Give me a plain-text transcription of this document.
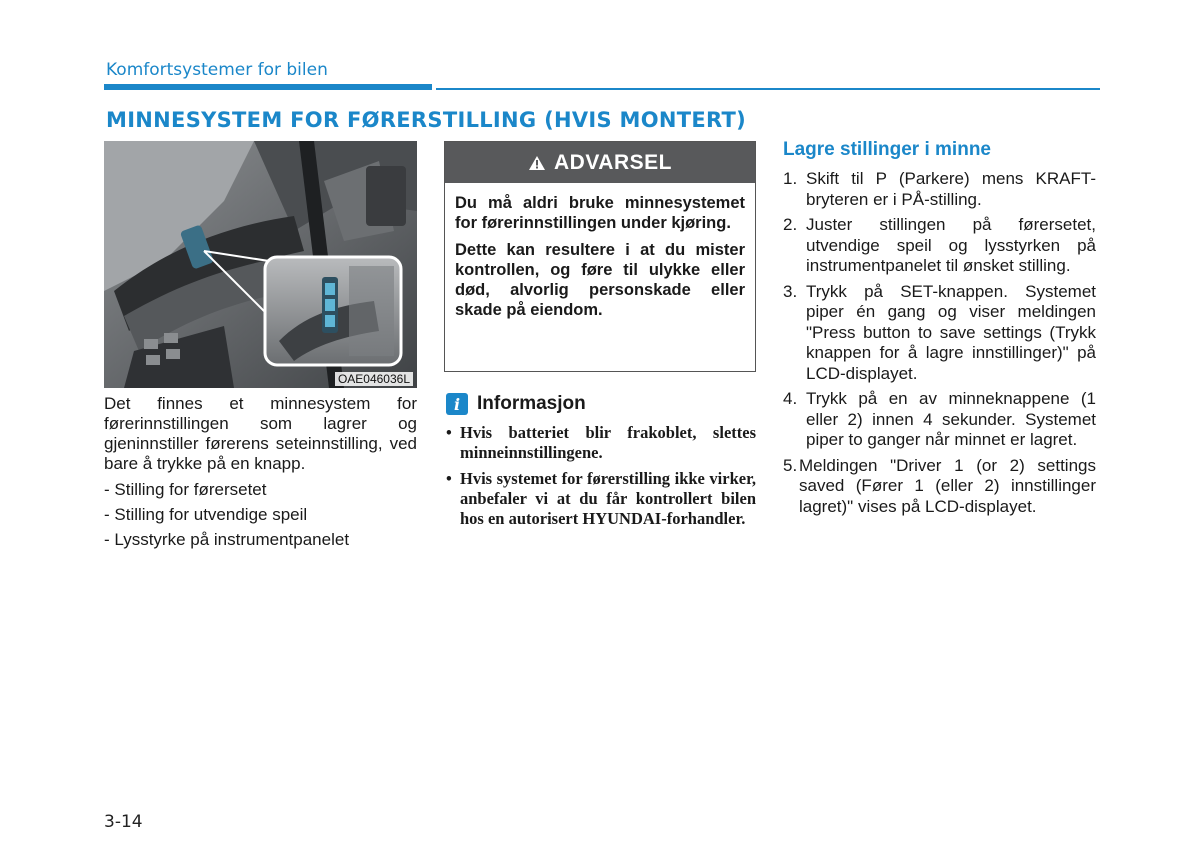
Komfortsystemer for bilen
MINNESYSTEM FOR FØRERSTILLING (HVIS MONTERT)
OAE046036L

Det finnes et minnesystem for førerinnstillingen som lagrer og gjeninnstiller førerens seteinnstilling, ved bare å trykke på en knapp.

- Stilling for førersetet
- Stilling for utvendige speil
- Lysstyrke på instrumentpanelet
ADVARSEL

Du må aldri bruke minnesystemet for førerinnstillingen under kjøring.

Dette kan resultere i at du mister kontrollen, og føre til ulykke eller død, alvorlig personskade eller skade på eiendom.

i Informasjon
• Hvis batteriet blir frakoblet, slettes minneinnstillingene.
• Hvis systemet for førerstilling ikke virker, anbefaler vi at du får kontrollert bilen hos en autorisert HYUNDAI-forhandler.
Lagre stillinger i minne
1. Skift til P (Parkere) mens KRAFT-bryteren er i PÅ-stilling.
2. Juster stillingen på førersetet, utvendige speil og lysstyrken på instrumentpanelet til ønsket stilling.
3. Trykk på SET-knappen. Systemet piper én gang og viser meldingen "Press button to save settings (Trykk knappen for å lagre innstillinger)" på LCD-displayet.
4. Trykk på en av minneknappene (1 eller 2) innen 4 sekunder. Systemet piper to ganger når minnet er lagret.
5. Meldingen "Driver 1 (or 2) settings saved (Fører 1 (eller 2) innstillinger lagret)" vises på LCD-displayet.
3-14
